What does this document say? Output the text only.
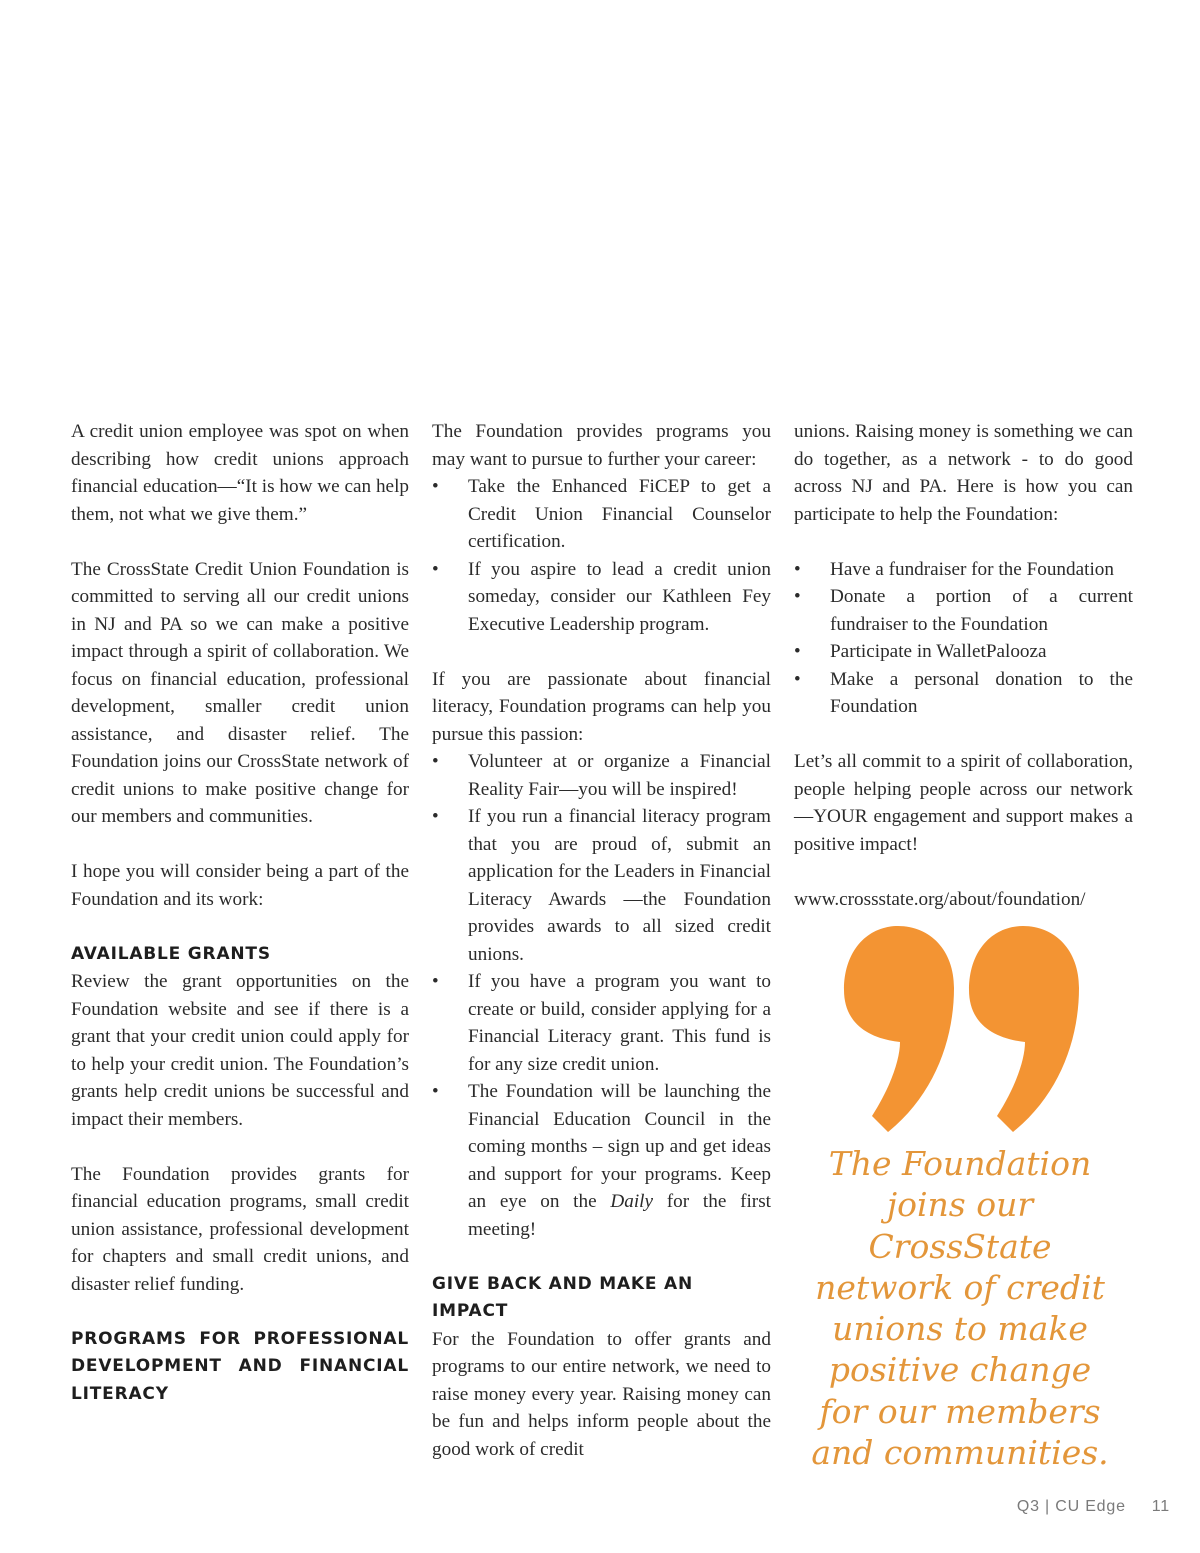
A credit union employee was spot on when describing how credit unions approach financial education—“It is how we can help them, not what we give them.”

The CrossState Credit Union Foundation is committed to serving all our credit unions in NJ and PA so we can make a positive impact through a spirit of collaboration. We focus on financial education, professional development, smaller credit union assistance, and disaster relief. The Foundation joins our CrossState network of credit unions to make positive change for our members and communities.

I hope you will consider being a part of the Foundation and its work:

AVAILABLE GRANTS

Review the grant opportunities on the Foundation website and see if there is a grant that your credit union could apply for to help your credit union. The Foundation’s grants help credit unions be successful and impact their members.

The Foundation provides grants for financial education programs, small credit union assistance, professional development for chapters and small credit unions, and disaster relief funding.

PROGRAMS FOR PROFESSIONAL DEVELOPMENT AND FINANCIAL LITERACY

The Foundation provides programs you may want to pursue to further your career:

• Take the Enhanced FiCEP to get a Credit Union Financial Counselor certification.
• If you aspire to lead a credit union someday, consider our Kathleen Fey Executive Leadership program.

If you are passionate about financial literacy, Foundation programs can help you pursue this passion:

• Volunteer at or organize a Financial Reality Fair—you will be inspired!
• If you run a financial literacy program that you are proud of, submit an application for the Leaders in Financial Literacy Awards —the Foundation provides awards to all sized credit unions.
• If you have a program you want to create or build, consider applying for a Financial Literacy grant. This fund is for any size credit union.
• The Foundation will be launching the Financial Education Council in the coming months – sign up and get ideas and support for your programs. Keep an eye on the Daily for the first meeting!
GIVE BACK AND MAKE AN IMPACT

For the Foundation to offer grants and programs to our entire network, we need to raise money every year. Raising money can be fun and helps inform people about the good work of credit

unions. Raising money is something we can do together, as a network - to do good across NJ and PA. Here is how you can participate to help the Foundation:

• Have a fundraiser for the Foundation
• Donate a portion of a current fundraiser to the Foundation
• Participate in WalletPalooza
• Make a personal donation to the Foundation

Let’s all commit to a spirit of collaboration, people helping people across our network—YOUR engagement and support makes a positive impact!

www.crossstate.org/about/foundation/

The Foundation joins our CrossState network of credit unions to make positive change for our members and communities.
Q3 | CU Edge 11
